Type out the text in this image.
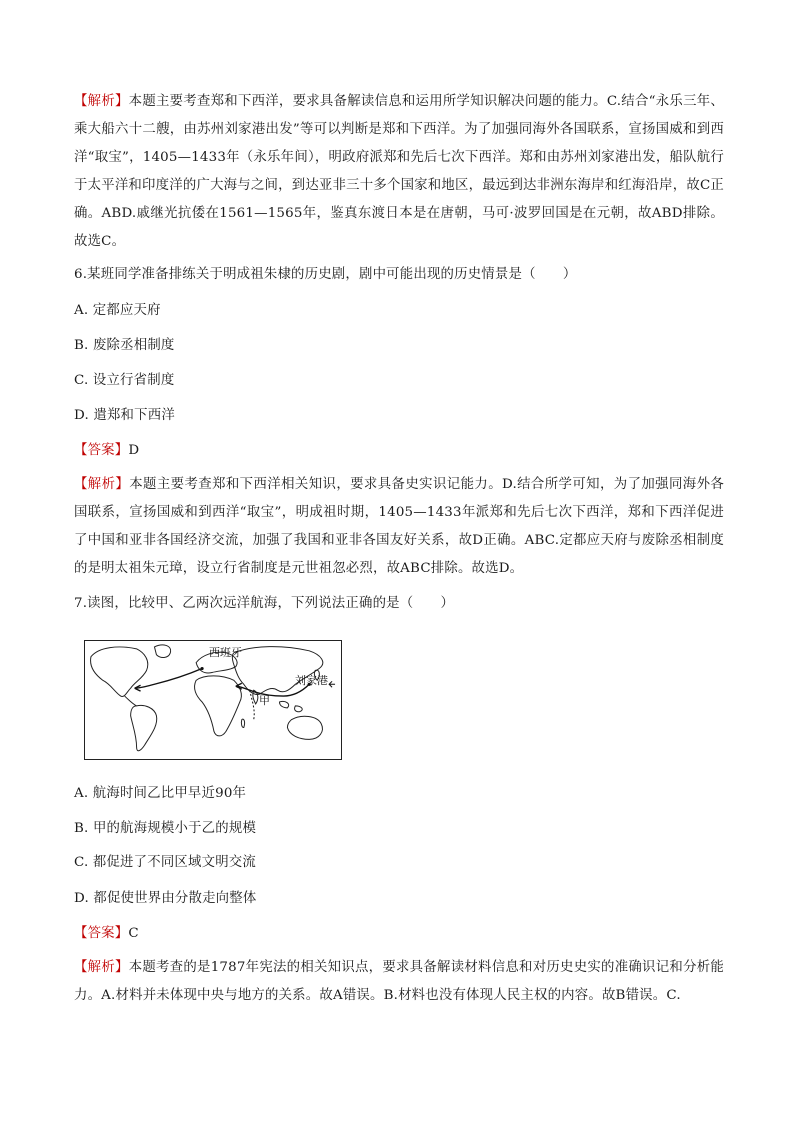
【解析】本题主要考查郑和下西洋，要求具备解读信息和运用所学知识解决问题的能力。C.结合“永乐三年、乘大船六十二艘，由苏州刘家港出发”等可以判断是郑和下西洋。为了加强同海外各国联系，宣扬国威和到西洋“取宝”，1405—1433年（永乐年间），明政府派郑和先后七次下西洋。郑和由苏州刘家港出发，船队航行于太平洋和印度洋的广大海与之间，到达亚非三十多个国家和地区，最远到达非洲东海岸和红海沿岸，故C正确。ABD.戚继光抗倭在1561—1565年，鉴真东渡日本是在唐朝，马可·波罗回国是在元朝，故ABD排除。故选C。
6.某班同学准备排练关于明成祖朱棣的历史剧，剧中可能出现的历史情景是（　　）
A. 定都应天府
B. 废除丞相制度
C. 设立行省制度
D. 遣郑和下西洋
【答案】D
【解析】本题主要考查郑和下西洋相关知识，要求具备史实识记能力。D.结合所学可知，为了加强同海外各国联系，宣扬国威和到西洋“取宝”，明成祖时期，1405—1433年派郑和先后七次下西洋，郑和下西洋促进了中国和亚非各国经济交流，加强了我国和亚非各国友好关系，故D正确。ABC.定都应天府与废除丞相制度的是明太祖朱元璋，设立行省制度是元世祖忽必烈，故ABC排除。故选D。
7.读图，比较甲、乙两次远洋航海，下列说法正确的是（　　）
西班牙
刘家港
甲
A. 航海时间乙比甲早近90年
B. 甲的航海规模小于乙的规模
C. 都促进了不同区域文明交流
D. 都促使世界由分散走向整体
【答案】C
【解析】本题考查的是1787年宪法的相关知识点，要求具备解读材料信息和对历史史实的准确识记和分析能力。A.材料并未体现中央与地方的关系。故A错误。B.材料也没有体现人民主权的内容。故B错误。C.
